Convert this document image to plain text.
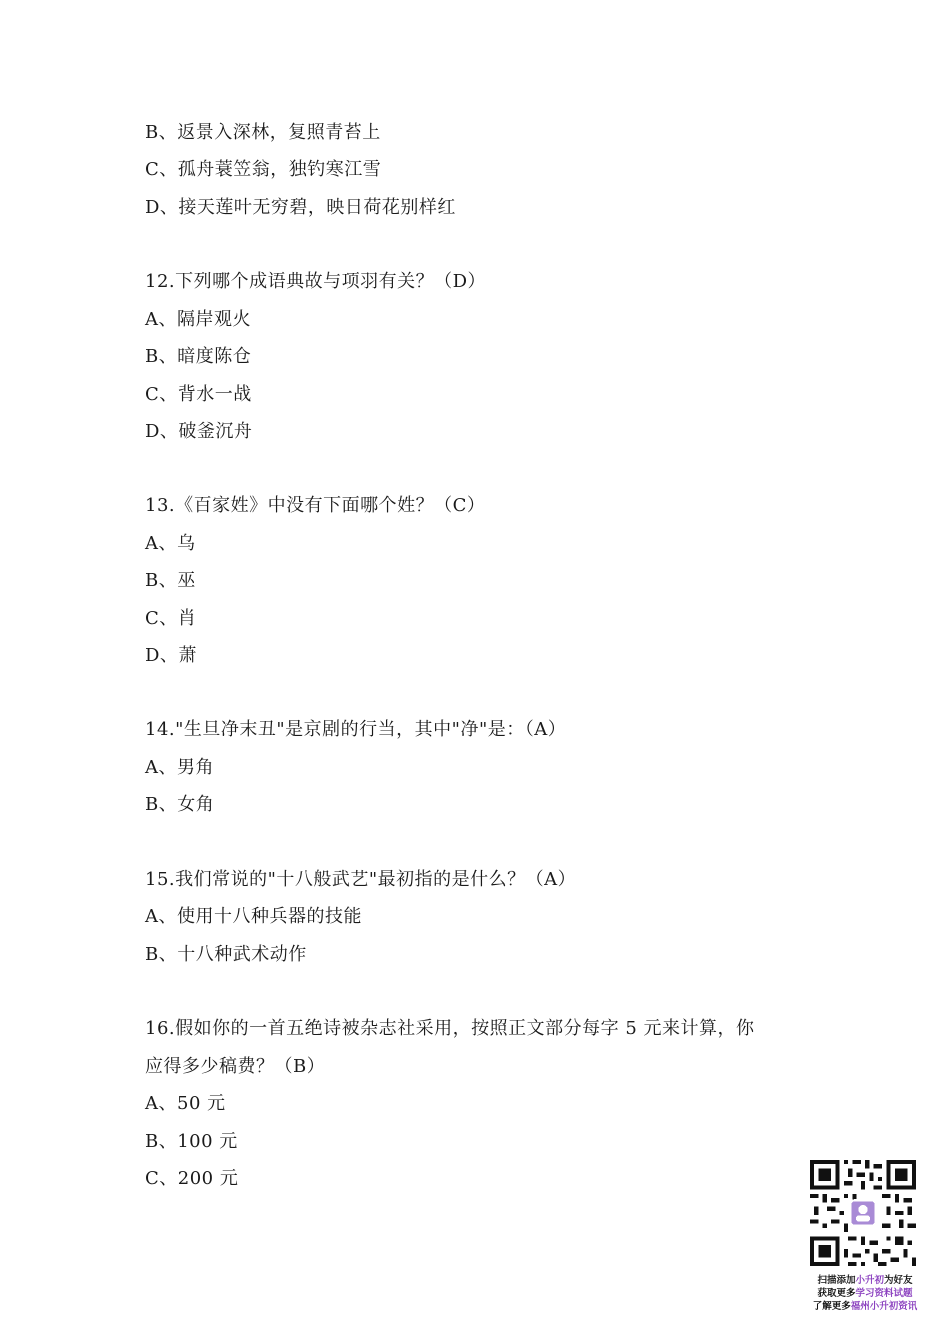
B、返景入深林，复照青苔上
C、孤舟蓑笠翁，独钓寒江雪
D、接天莲叶无穷碧，映日荷花别样红
12.下列哪个成语典故与项羽有关？（D）
A、隔岸观火
B、暗度陈仓
C、背水一战
D、破釜沉舟
13.《百家姓》中没有下面哪个姓？（C）
A、乌
B、巫
C、肖
D、萧
14."生旦净末丑"是京剧的行当，其中"净"是：（A）
A、男角
B、女角
15.我们常说的"十八般武艺"最初指的是什么？（A）
A、使用十八种兵器的技能
B、十八种武术动作
16.假如你的一首五绝诗被杂志社采用，按照正文部分每字 5 元来计算，你
应得多少稿费？（B）
A、50 元
B、100 元
C、200 元
扫描添加小升初为好友
获取更多学习资料试题
了解更多福州小升初资讯
